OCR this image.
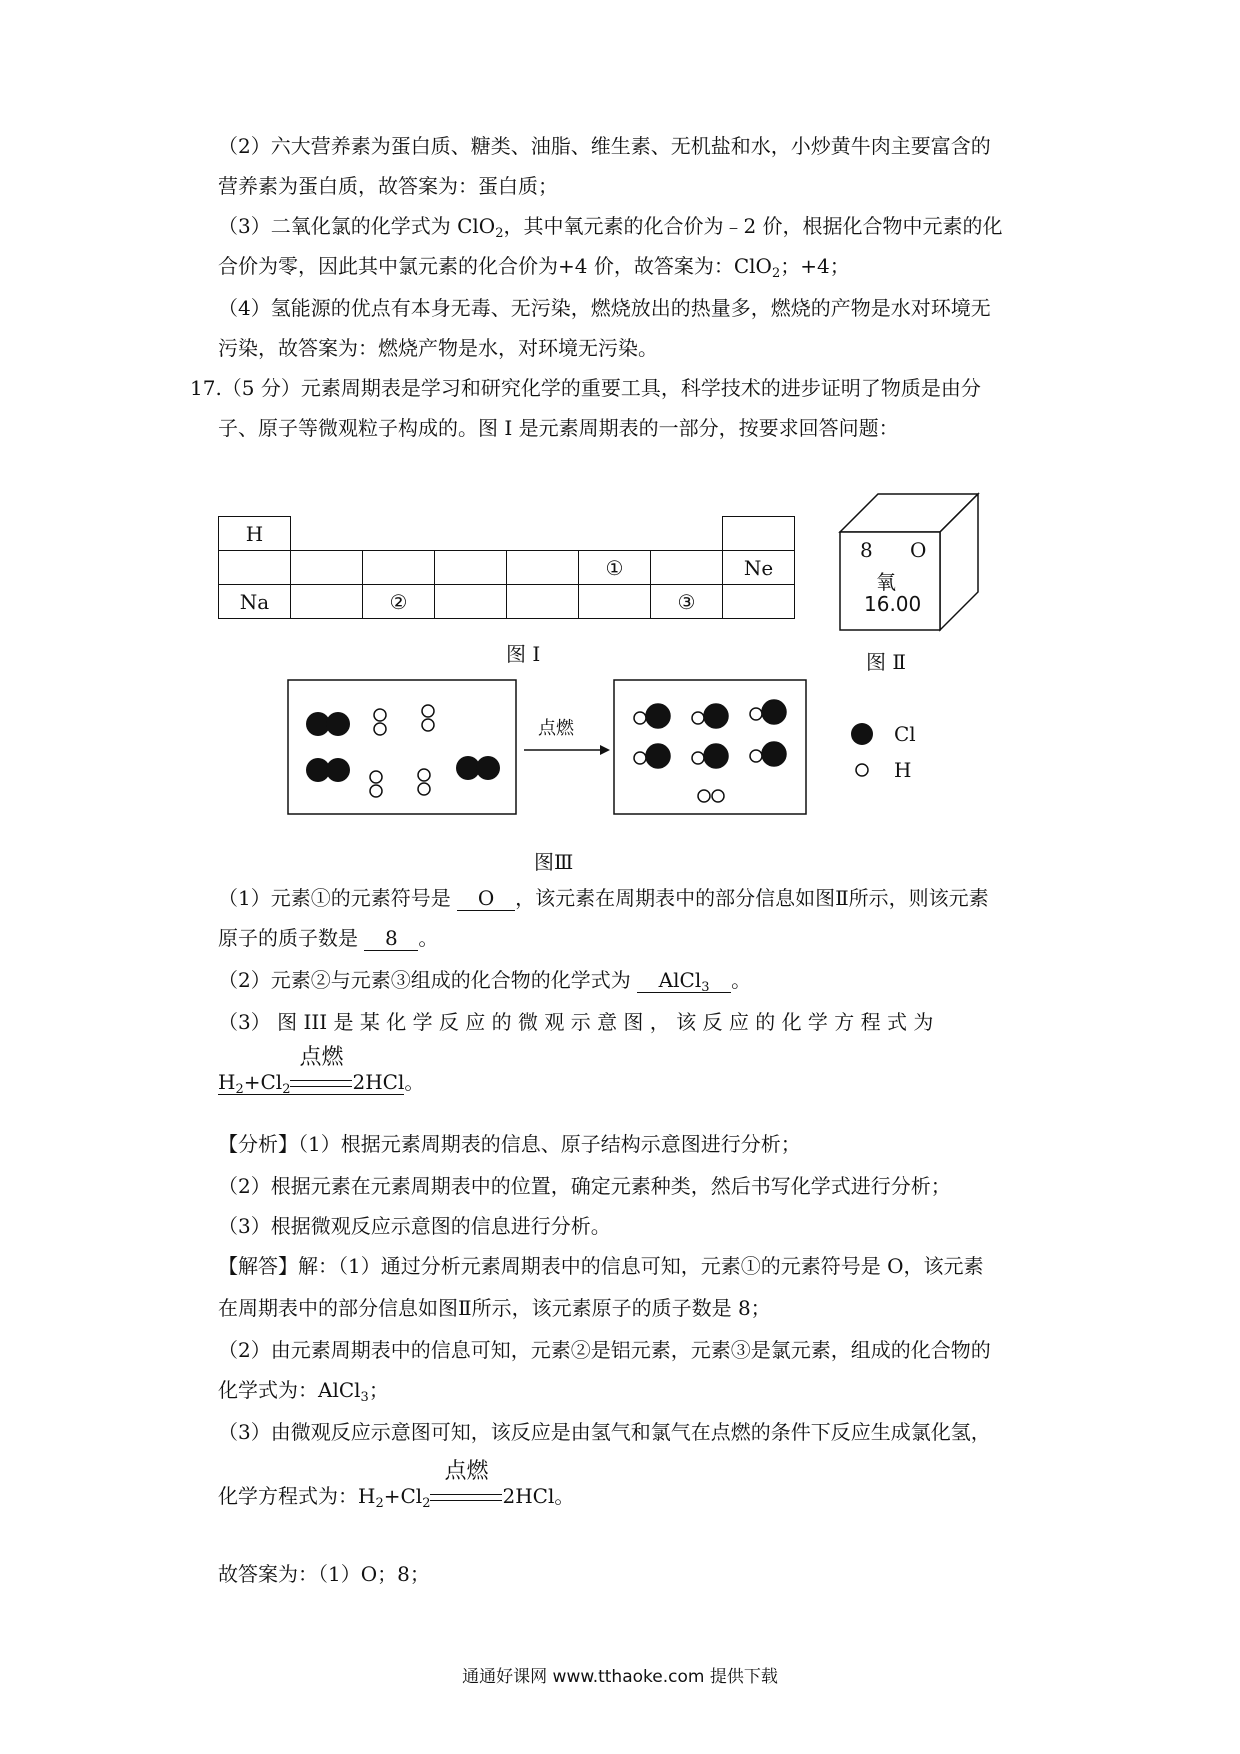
（2）六大营养素为蛋白质、糖类、油脂、维生素、无机盐和水，小炒黄牛肉主要富含的
营养素为蛋白质，故答案为：蛋白质；
（3）二氧化氯的化学式为 ClO$_2$，其中氧元素的化合价为﹣2 价，根据化合物中元素的化
合价为零，因此其中氯元素的化合价为+4 价，故答案为：ClO$_2$；+4；
（4）氢能源的优点有本身无毒、无污染，燃烧放出的热量多，燃烧的产物是水对环境无
污染，故答案为：燃烧产物是水，对环境无污染。
17.（5 分）元素周期表是学习和研究化学的重要工具，科学技术的进步证明了物质是由分
子、原子等微观粒子构成的。图 I 是元素周期表的一部分，按要求回答问题：
H							
					①		Ne
Na		②				③	
图 I
8 O
氧
16.00
图 Ⅱ
点燃	Cl
H
图Ⅲ
（1）元素①的元素符号是 O ，该元素在周期表中的部分信息如图Ⅱ所示，则该元素
原子的质子数是 8 。
（2）元素②与元素③组成的化合物的化学式为 AlCl$_3$ 。
（3） 图 III 是 某 化 学 反 应 的 微 观 示 意 图 ， 该 反 应 的 化 学 方 程 式 为
$H_2+Cl_2$
点燃
2HCl。
【分析】（1）根据元素周期表的信息、原子结构示意图进行分析；
（2）根据元素在元素周期表中的位置，确定元素种类，然后书写化学式进行分析；
（3）根据微观反应示意图的信息进行分析。
【解答】解：（1）通过分析元素周期表中的信息可知，元素①的元素符号是 O，该元素
在周期表中的部分信息如图Ⅱ所示，该元素原子的质子数是 8；
（2）由元素周期表中的信息可知，元素②是铝元素，元素③是氯元素，组成的化合物的
化学式为：AlCl$_3$；
（3）由微观反应示意图可知，该反应是由氢气和氯气在点燃的条件下反应生成氯化氢，
化学方程式为：$H_2+Cl_2$
点燃
2HCl。
故答案为：（1）O；8；
通通好课网 www.tthaoke.com 提供下载
